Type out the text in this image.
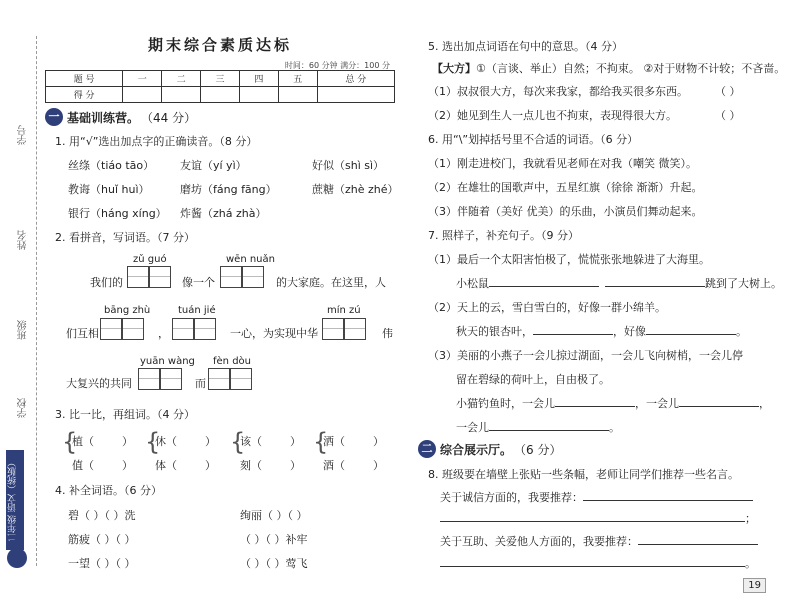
学号
姓名
班级
学校
二年级 语文（统版）
期末综合素质达标
时间：60 分钟 满分：100 分
题 号	一	二	三	四	五	总 分
得 分						
一 基础训练营。 （44 分）
1. 用“√”选出加点字的正确读音。（8 分）
丝绦（tiáo tāo） 友谊（yí yì）	好似（shì sì）
教诲（huǐ huì）	磨坊（fáng fāng）	蔗糖（zhè zhé）
银行（háng xíng） 炸酱（zhá zhà）
2. 看拼音，写词语。（7 分）
zǔ guó	wēn nuǎn
我们的	像一个	的大家庭。在这里，人
bāng zhù	tuán jié	mín zú
们互相	，	一心，为实现中华	伟
yuān wàng fèn dòu
大复兴的共同	而
3. 比一比，再组词。（4 分）
{
植（	）
值（	）
{
休（	）
体（	）
{
该（	）
刻（	）
{
洒（	）
酒（	）
4. 补全词语。（6 分）
碧（ ）（ ）洗	绚丽（ ）（ ）
筋疲（ ）（ ）	（ ）（ ）补牢
一望（ ）（ ）	（ ）（ ）莺飞
5. 选出加点词语在句中的意思。（4 分）
【大方】①（言谈、举止）自然；不拘束。 ②对于财物不计较；不吝啬。
（1）叔叔很大方，每次来我家，都给我买很多东西。 （ ）
（2）她见到生人一点儿也不拘束，表现得很大方。	（ ）
6. 用“\”划掉括号里不合适的词语。（6 分）
（1）刚走进校门，我就看见老师在对我（嘲笑 微笑）。
（2）在雄壮的国歌声中，五星红旗（徐徐 渐渐）升起。
（3）伴随着（美好 优美）的乐曲，小演员们舞动起来。
7. 照样子，补充句子。（9 分）
（1）最后一个太阳害怕极了，慌慌张张地躲进了大海里。
小松鼠	跳到了大树上。
（2）天上的云，雪白雪白的，好像一群小绵羊。
秋天的银杏叶，	，好像	。
（3）美丽的小燕子一会儿掠过湖面，一会儿飞向树梢，一会儿停
留在碧绿的荷叶上，自由极了。
小猫钓鱼时，一会儿	，一会儿	，
一会儿	。
二 综合展示厅。 （6 分）
8. 班级要在墙壁上张贴一些条幅，老师让同学们推荐一些名言。
关于诚信方面的，我要推荐：
；
关于互助、关爱他人方面的，我要推荐：
。
19
